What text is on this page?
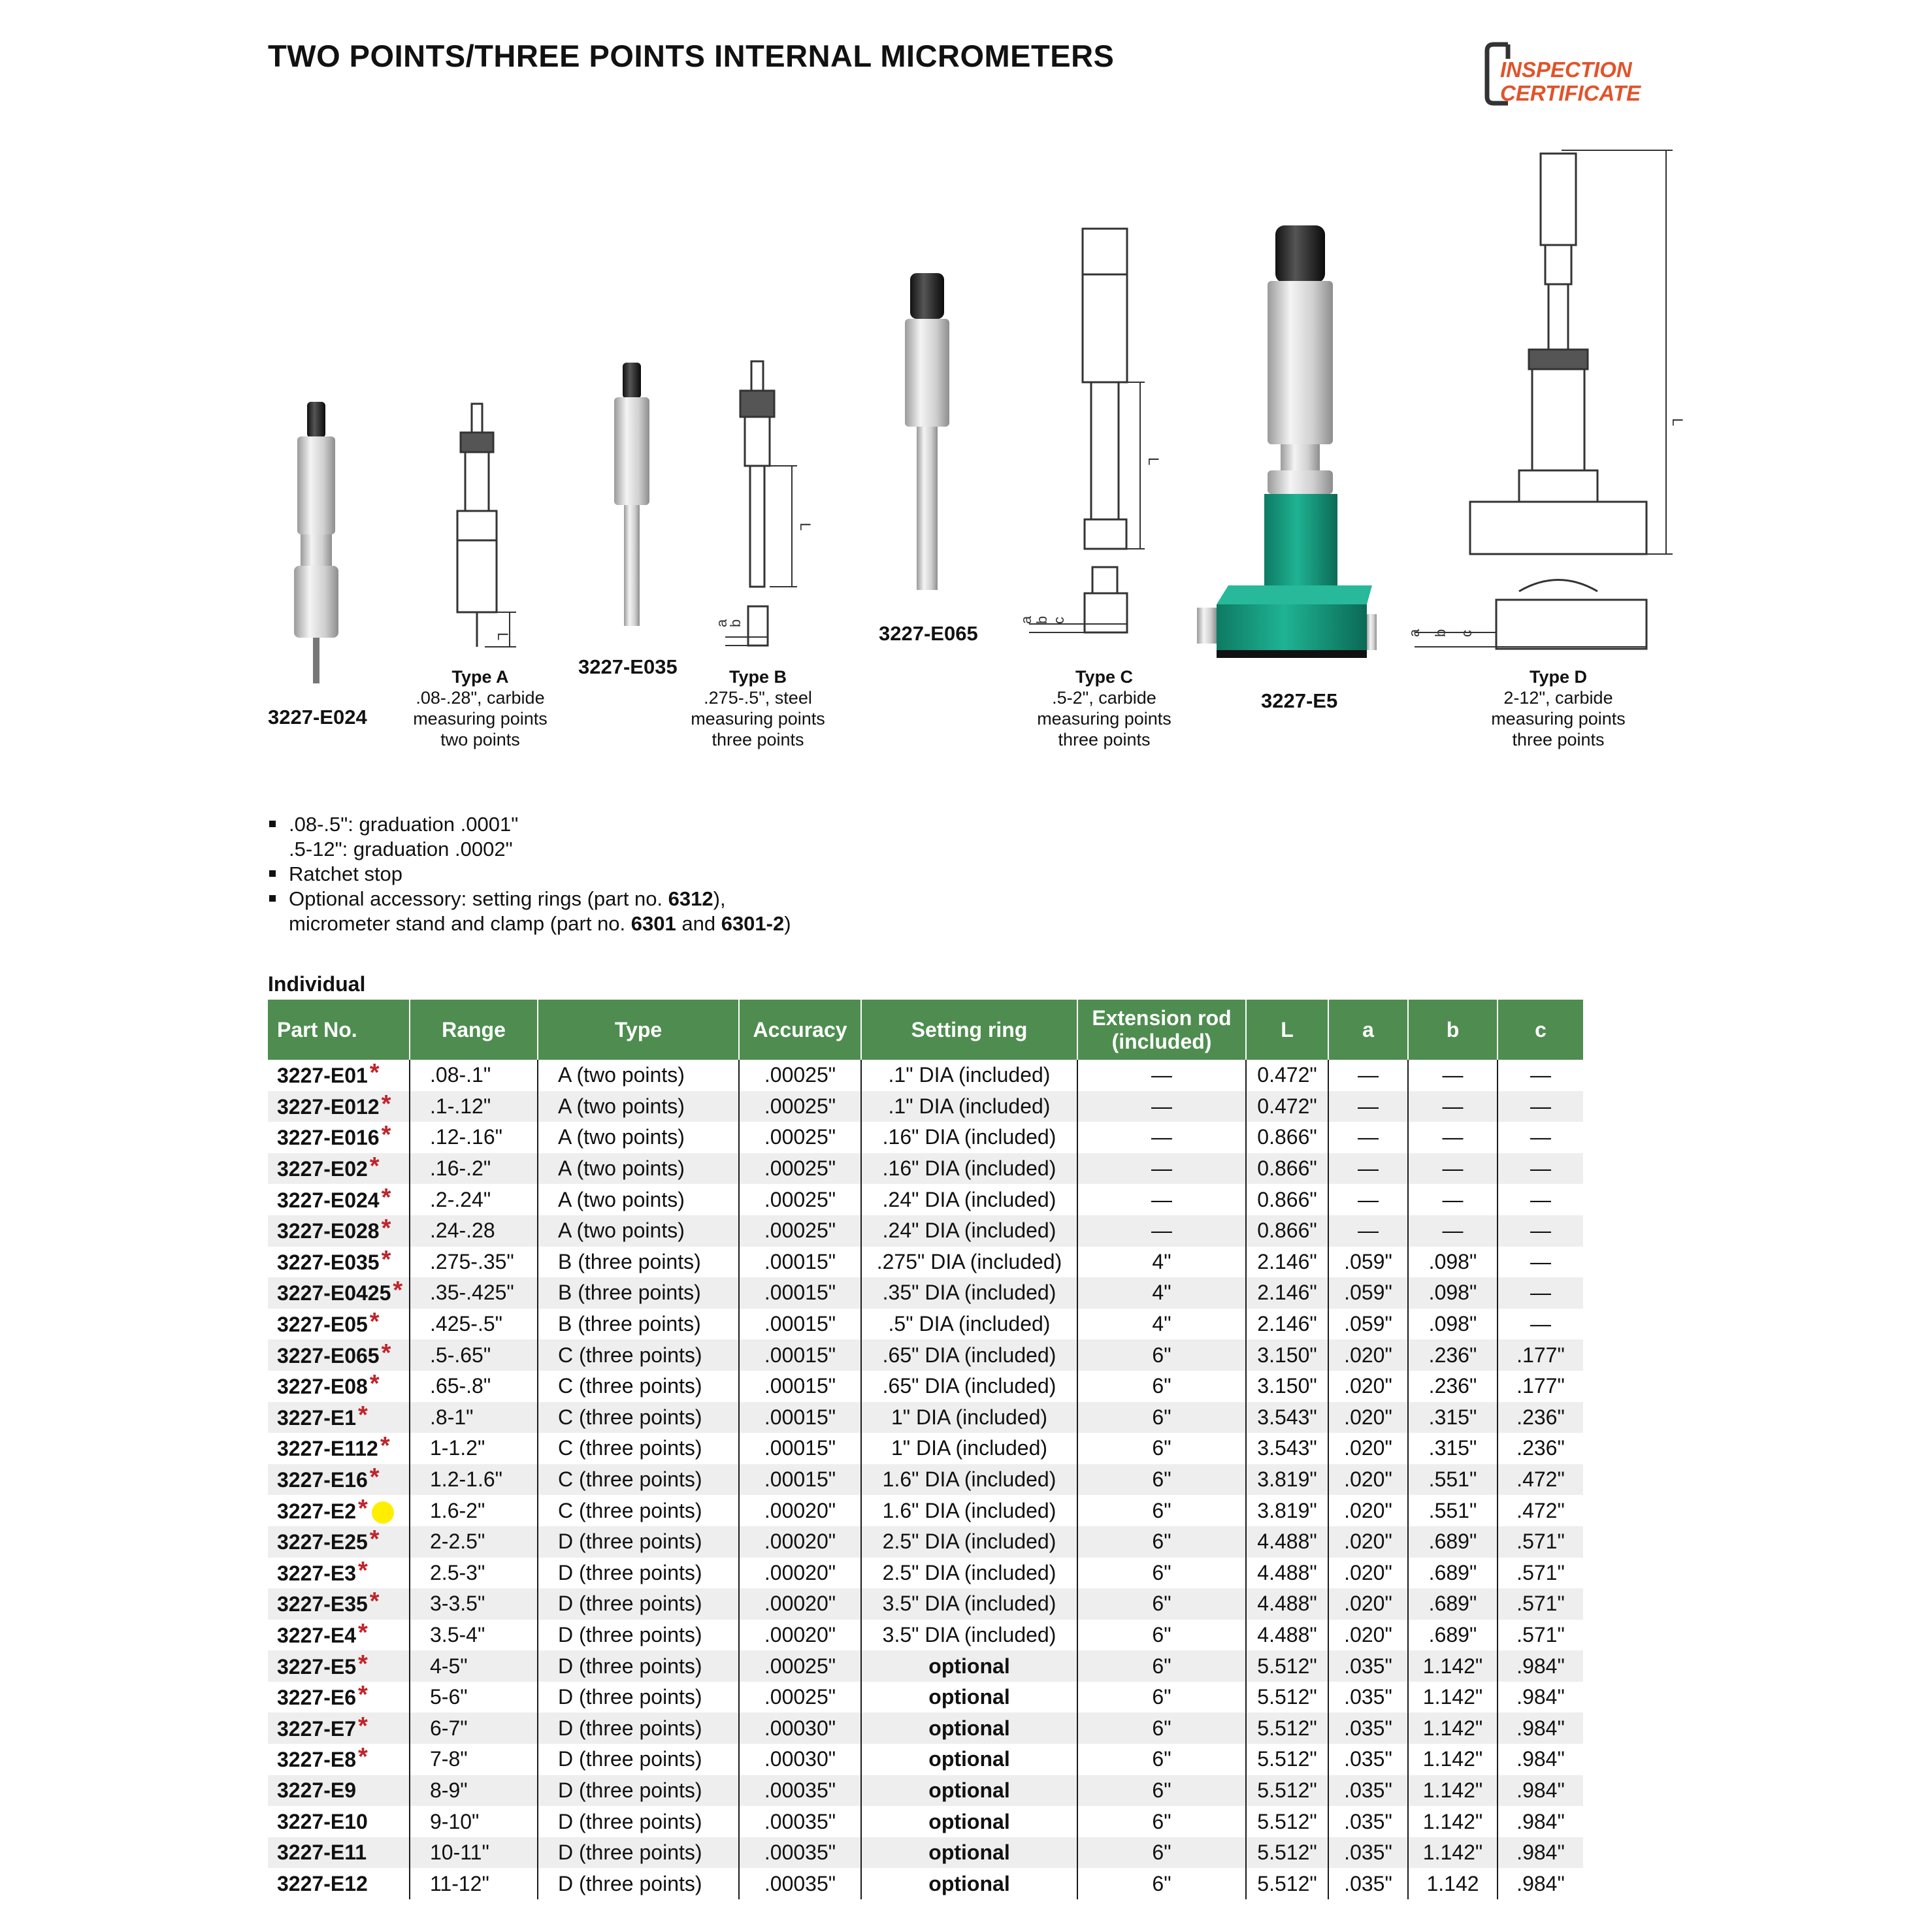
TWO POINTS/THREE POINTS INTERNAL MICROMETERS	INSPECTION
CERTIFICATE
L
L
a
b
L
a b c
L
a b c
3227-E024
3227-E035
3227-E065
3227-E5
Type A
.08-.28", carbide
measuring points
two points
Type B
.275-.5", steel
measuring points
three points
Type C
.5-2", carbide
measuring points
three points
Type D
2-12", carbide
measuring points
three points
.08-.5": graduation .0001"
.5-12": graduation .0002"
Ratchet stop
Optional accessory: setting rings (part no. 6312),
micrometer stand and clamp (part no. 6301 and 6301-2)
Individual
Part No.	Range	Type	Accuracy	Setting ring	Extension rod
(included)	L	a	b	c
3227-E01*	.08-.1"	A (two points)	.00025"	.1" DIA (included)	—	0.472"	—	—	—
3227-E012*	.1-.12"	A (two points)	.00025"	.1" DIA (included)	—	0.472"	—	—	—
3227-E016*	.12-.16"	A (two points)	.00025"	.16" DIA (included)	—	0.866"	—	—	—
3227-E02*	.16-.2"	A (two points)	.00025"	.16" DIA (included)	—	0.866"	—	—	—
3227-E024*	.2-.24"	A (two points)	.00025"	.24" DIA (included)	—	0.866"	—	—	—
3227-E028*	.24-.28	A (two points)	.00025"	.24" DIA (included)	—	0.866"	—	—	—
3227-E035*	.275-.35"	B (three points)	.00015"	.275" DIA (included)	4"	2.146"	.059"	.098"	—
3227-E0425*	.35-.425"	B (three points)	.00015"	.35" DIA (included)	4"	2.146"	.059"	.098"	—
3227-E05*	.425-.5"	B (three points)	.00015"	.5" DIA (included)	4"	2.146"	.059"	.098"	—
3227-E065*	.5-.65"	C (three points)	.00015"	.65" DIA (included)	6"	3.150"	.020"	.236"	.177"
3227-E08*	.65-.8"	C (three points)	.00015"	.65" DIA (included)	6"	3.150"	.020"	.236"	.177"
3227-E1*	.8-1"	C (three points)	.00015"	1" DIA (included)	6"	3.543"	.020"	.315"	.236"
3227-E112*	1-1.2"	C (three points)	.00015"	1" DIA (included)	6"	3.543"	.020"	.315"	.236"
3227-E16*	1.2-1.6"	C (three points)	.00015"	1.6" DIA (included)	6"	3.819"	.020"	.551"	.472"
3227-E2*	1.6-2"	C (three points)	.00020"	1.6" DIA (included)	6"	3.819"	.020"	.551"	.472"
3227-E25*	2-2.5"	D (three points)	.00020"	2.5" DIA (included)	6"	4.488"	.020"	.689"	.571"
3227-E3*	2.5-3"	D (three points)	.00020"	2.5" DIA (included)	6"	4.488"	.020"	.689"	.571"
3227-E35*	3-3.5"	D (three points)	.00020"	3.5" DIA (included)	6"	4.488"	.020"	.689"	.571"
3227-E4*	3.5-4"	D (three points)	.00020"	3.5" DIA (included)	6"	4.488"	.020"	.689"	.571"
3227-E5*	4-5"	D (three points)	.00025"	optional	6"	5.512"	.035"	1.142"	.984"
3227-E6*	5-6"	D (three points)	.00025"	optional	6"	5.512"	.035"	1.142"	.984"
3227-E7*	6-7"	D (three points)	.00030"	optional	6"	5.512"	.035"	1.142"	.984"
3227-E8*	7-8"	D (three points)	.00030"	optional	6"	5.512"	.035"	1.142"	.984"
3227-E9	8-9"	D (three points)	.00035"	optional	6"	5.512"	.035"	1.142"	.984"
3227-E10	9-10"	D (three points)	.00035"	optional	6"	5.512"	.035"	1.142"	.984"
3227-E11	10-11"	D (three points)	.00035"	optional	6"	5.512"	.035"	1.142"	.984"
3227-E12	11-12"	D (three points)	.00035"	optional	6"	5.512"	.035"	1.142	.984"
